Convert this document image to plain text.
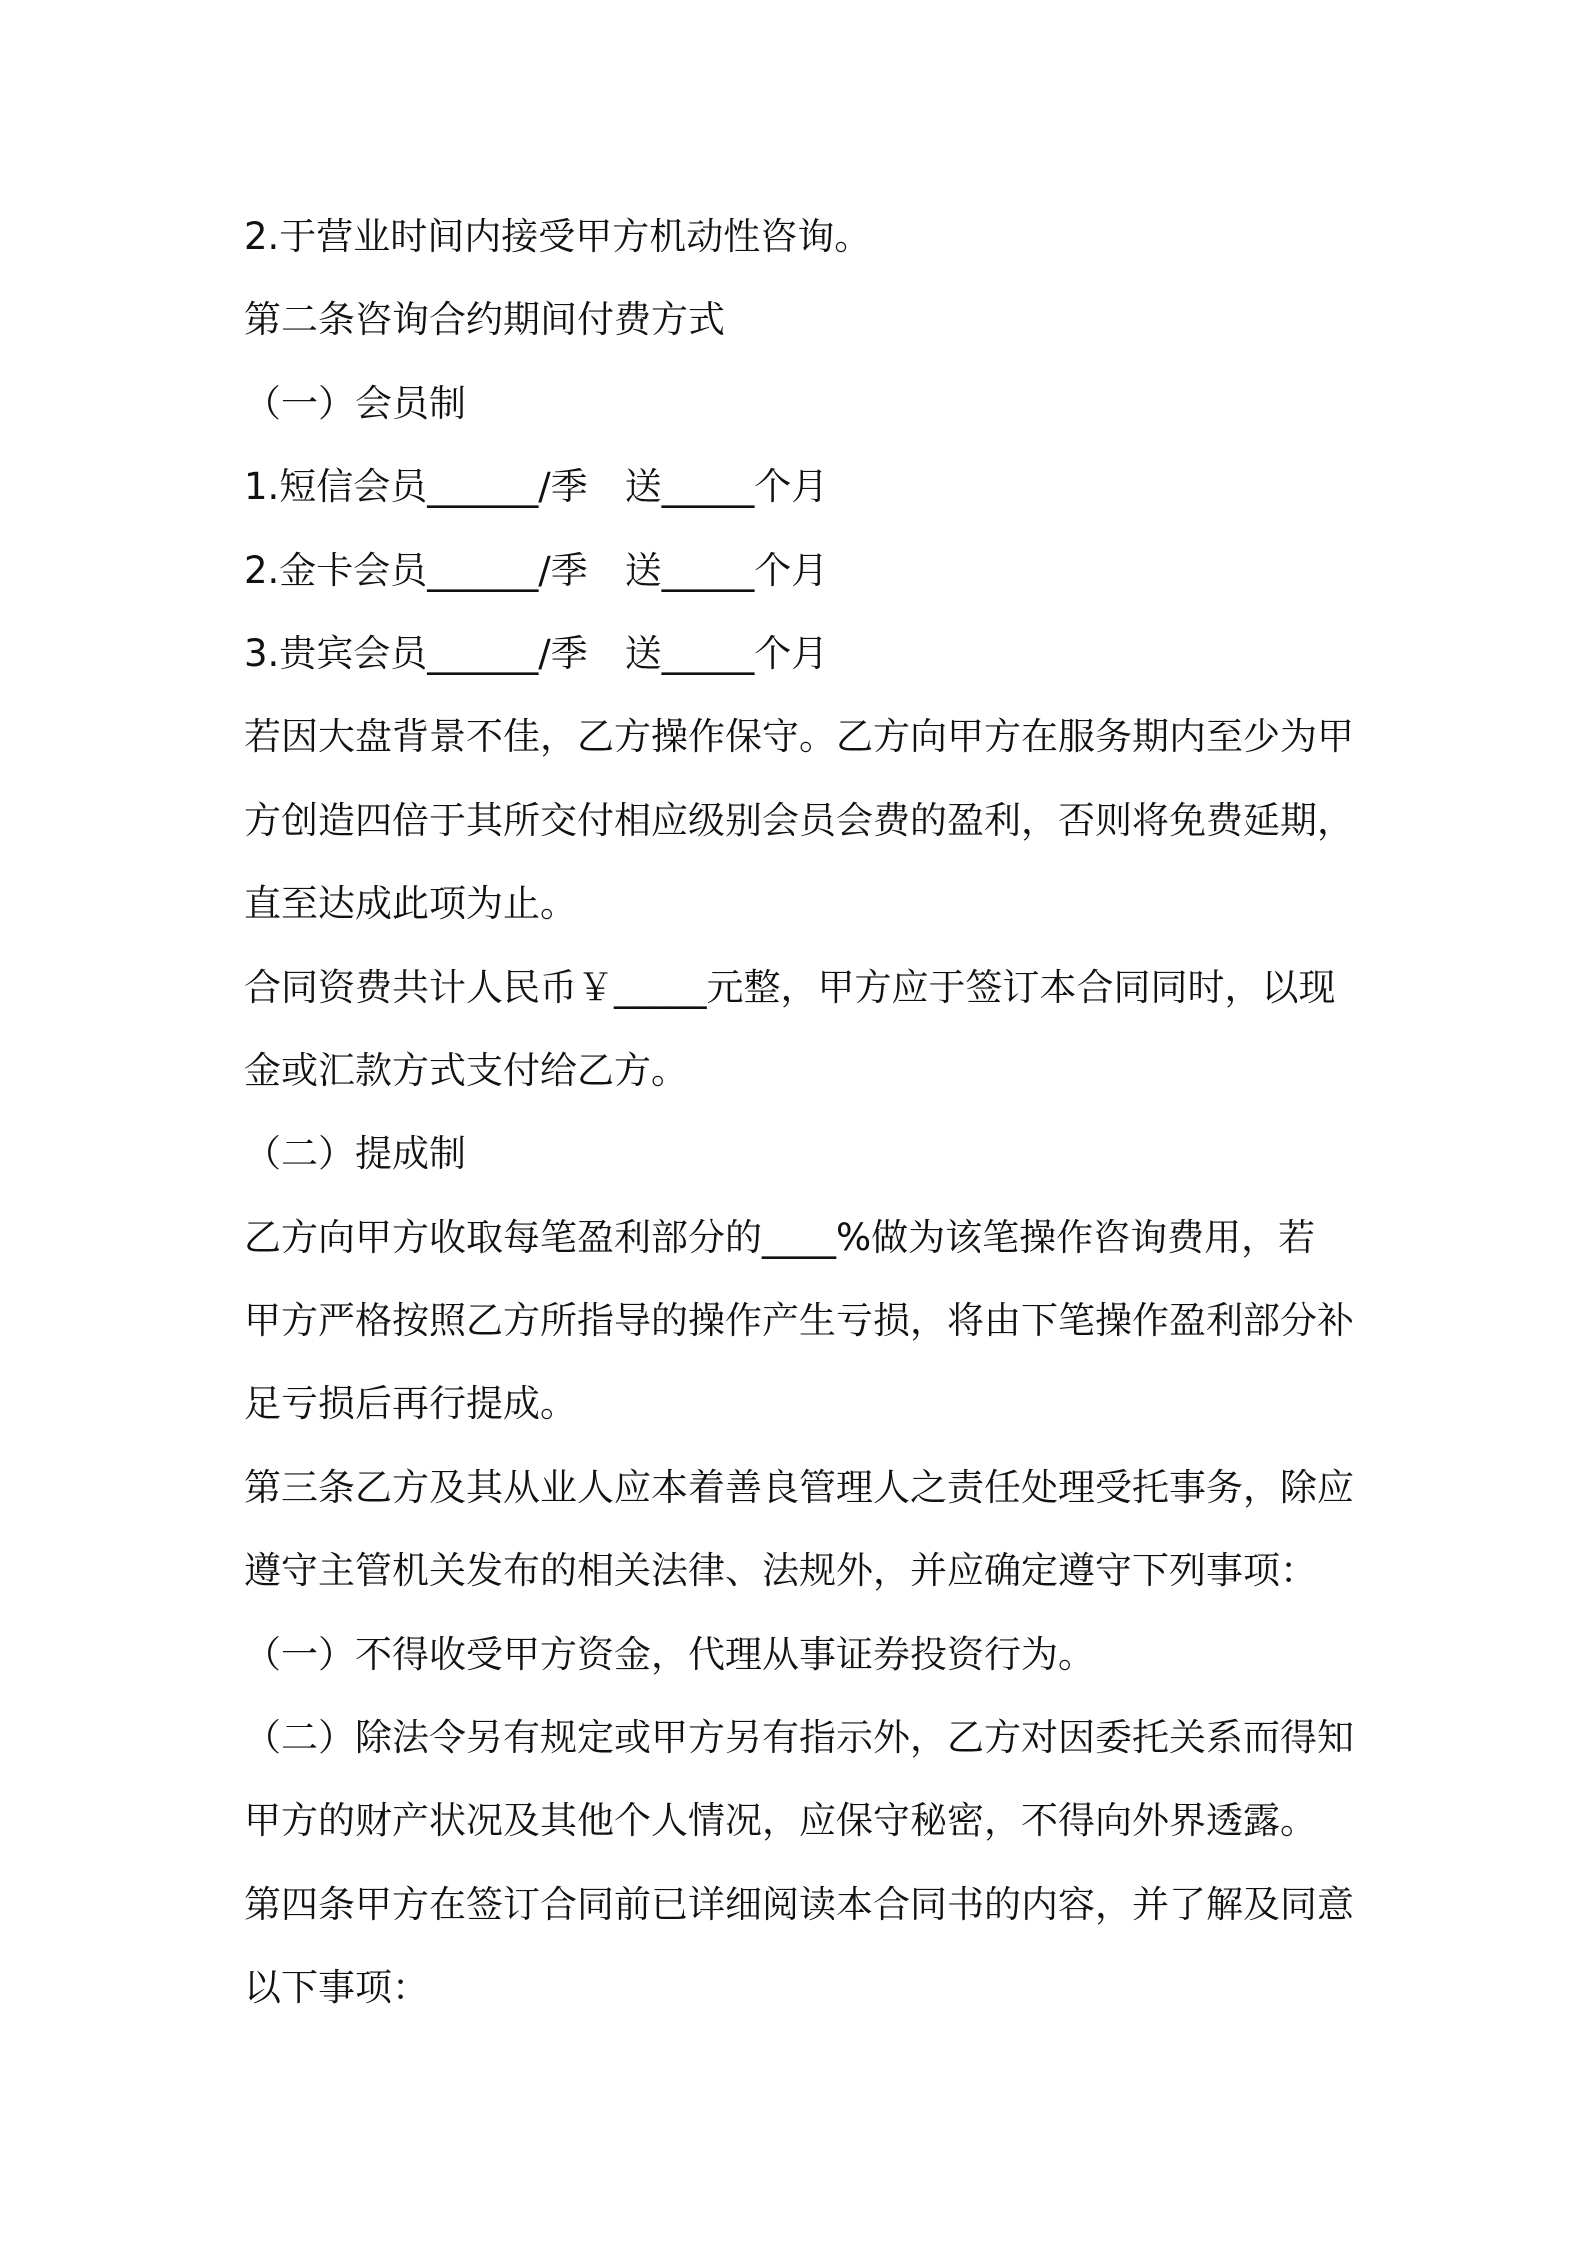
2.于营业时间内接受甲方机动性咨询。
第二条咨询合约期间付费方式
（一）会员制
1.短信会员______/季　送_____个月
2.金卡会员______/季　送_____个月
3.贵宾会员______/季　送_____个月
若因大盘背景不佳，乙方操作保守。乙方向甲方在服务期内至少为甲
方创造四倍于其所交付相应级别会员会费的盈利，否则将免费延期，
直至达成此项为止。
合同资费共计人民币￥_____元整，甲方应于签订本合同同时，以现
金或汇款方式支付给乙方。
（二）提成制
乙方向甲方收取每笔盈利部分的____%做为该笔操作咨询费用，若
甲方严格按照乙方所指导的操作产生亏损，将由下笔操作盈利部分补
足亏损后再行提成。
第三条乙方及其从业人应本着善良管理人之责任处理受托事务，除应
遵守主管机关发布的相关法律、法规外，并应确定遵守下列事项：
（一）不得收受甲方资金，代理从事证券投资行为。
（二）除法令另有规定或甲方另有指示外，乙方对因委托关系而得知
甲方的财产状况及其他个人情况，应保守秘密，不得向外界透露。
第四条甲方在签订合同前已详细阅读本合同书的内容，并了解及同意
以下事项：
